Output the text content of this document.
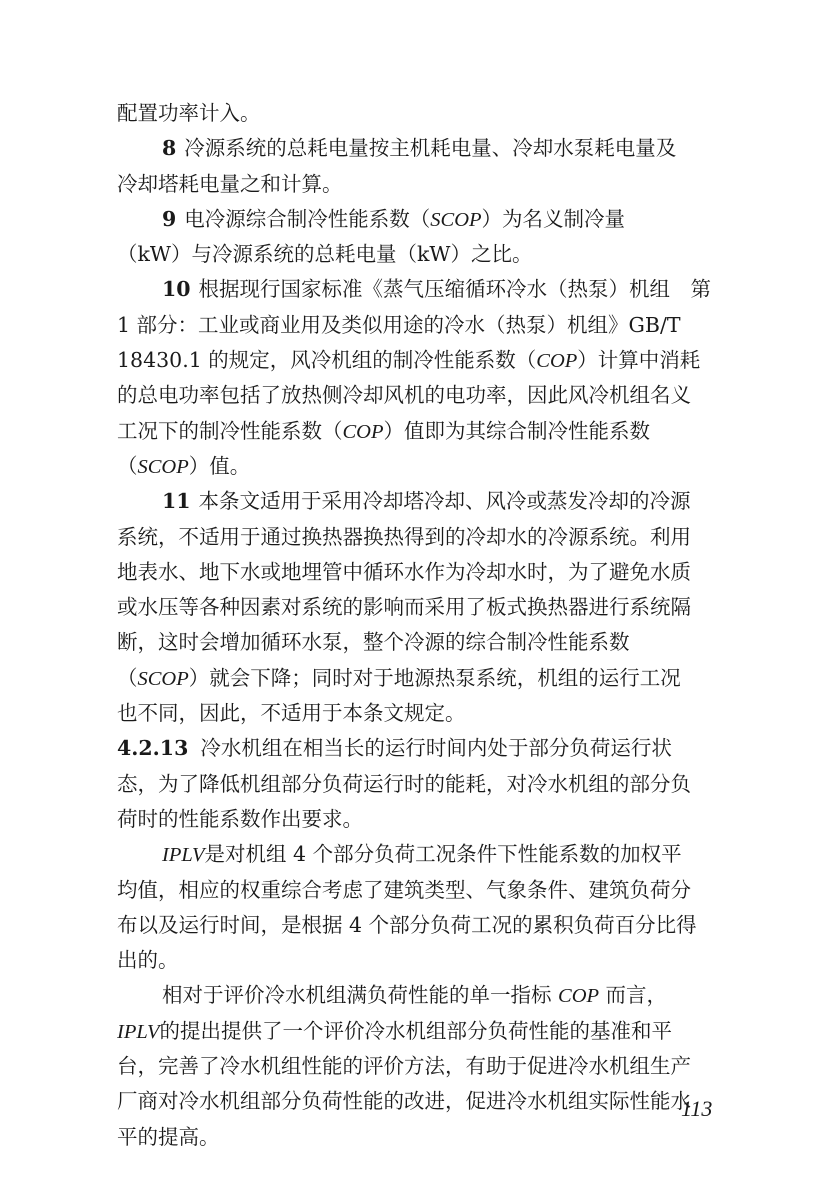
配置功率计入。
8 冷源系统的总耗电量按主机耗电量、冷却水泵耗电量及
冷却塔耗电量之和计算。
9 电冷源综合制冷性能系数（SCOP）为名义制冷量
（kW）与冷源系统的总耗电量（kW）之比。
10 根据现行国家标准《蒸气压缩循环冷水（热泵）机组　第
1 部分：工业或商业用及类似用途的冷水（热泵）机组》GB/T
18430.1 的规定，风冷机组的制冷性能系数（COP）计算中消耗
的总电功率包括了放热侧冷却风机的电功率，因此风冷机组名义
工况下的制冷性能系数（COP）值即为其综合制冷性能系数
（SCOP）值。
11 本条文适用于采用冷却塔冷却、风冷或蒸发冷却的冷源
系统，不适用于通过换热器换热得到的冷却水的冷源系统。利用
地表水、地下水或地埋管中循环水作为冷却水时，为了避免水质
或水压等各种因素对系统的影响而采用了板式换热器进行系统隔
断，这时会增加循环水泵，整个冷源的综合制冷性能系数
（SCOP）就会下降；同时对于地源热泵系统，机组的运行工况
也不同，因此，不适用于本条文规定。
4.2.13 冷水机组在相当长的运行时间内处于部分负荷运行状
态，为了降低机组部分负荷运行时的能耗，对冷水机组的部分负
荷时的性能系数作出要求。
IPLV是对机组 4 个部分负荷工况条件下性能系数的加权平
均值，相应的权重综合考虑了建筑类型、气象条件、建筑负荷分
布以及运行时间，是根据 4 个部分负荷工况的累积负荷百分比得
出的。
相对于评价冷水机组满负荷性能的单一指标 COP 而言，
IPLV的提出提供了一个评价冷水机组部分负荷性能的基准和平
台，完善了冷水机组性能的评价方法，有助于促进冷水机组生产
厂商对冷水机组部分负荷性能的改进，促进冷水机组实际性能水
平的提高。
113
